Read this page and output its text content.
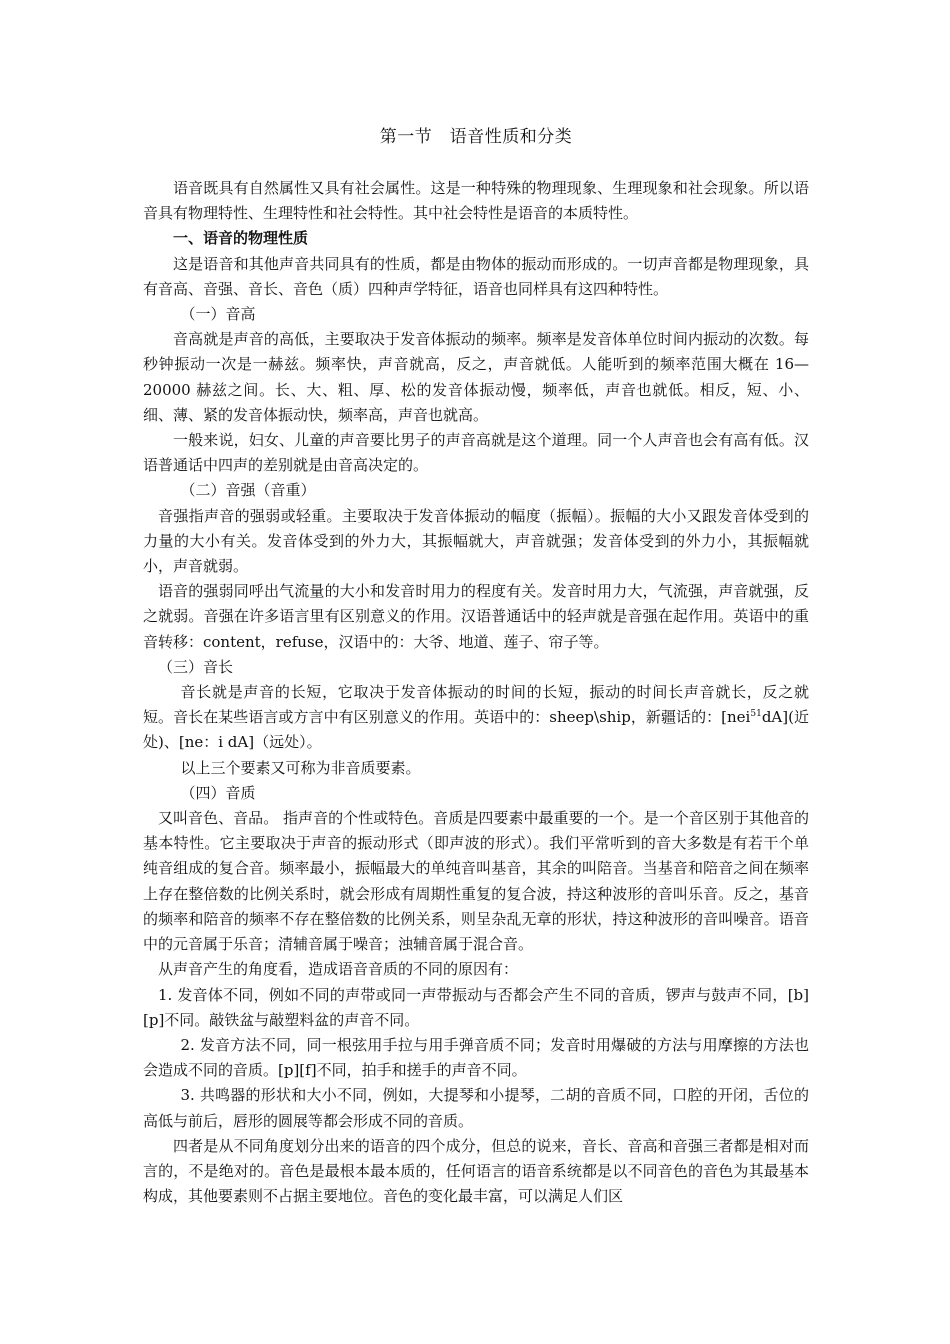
第一节　语音性质和分类

语音既具有自然属性又具有社会属性。这是一种特殊的物理现象、生理现象和社会现象。所以语音具有物理特性、生理特性和社会特性。其中社会特性是语音的本质特性。

一、语音的物理性质

这是语音和其他声音共同具有的性质，都是由物体的振动而形成的。一切声音都是物理现象，具有音高、音强、音长、音色（质）四种声学特征，语音也同样具有这四种特性。

（一）音高

音高就是声音的高低，主要取决于发音体振动的频率。频率是发音体单位时间内振动的次数。每秒钟振动一次是一赫兹。频率快，声音就高，反之，声音就低。人能听到的频率范围大概在 16—20000 赫兹之间。长、大、粗、厚、松的发音体振动慢，频率低，声音也就低。相反，短、小、细、薄、紧的发音体振动快，频率高，声音也就高。

一般来说，妇女、儿童的声音要比男子的声音高就是这个道理。同一个人声音也会有高有低。汉语普通话中四声的差别就是由音高决定的。

（二）音强（音重）

音强指声音的强弱或轻重。主要取决于发音体振动的幅度（振幅）。振幅的大小又跟发音体受到的力量的大小有关。发音体受到的外力大，其振幅就大，声音就强；发音体受到的外力小，其振幅就小，声音就弱。

语音的强弱同呼出气流量的大小和发音时用力的程度有关。发音时用力大，气流强，声音就强，反之就弱。音强在许多语言里有区别意义的作用。汉语普通话中的轻声就是音强在起作用。英语中的重音转移：content，refuse，汉语中的：大爷、地道、莲子、帘子等。

（三）音长

音长就是声音的长短，它取决于发音体振动的时间的长短，振动的时间长声音就长，反之就短。音长在某些语言或方言中有区别意义的作用。英语中的：sheep\ship，新疆话的：[nei$^{51}$dA](近处)、[ne：i dA]（远处）。

以上三个要素又可称为非音质要素。

（四）音质

又叫音色、音品。 指声音的个性或特色。音质是四要素中最重要的一个。是一个音区别于其他音的基本特性。它主要取决于声音的振动形式（即声波的形式）。我们平常听到的音大多数是有若干个单纯音组成的复合音。频率最小，振幅最大的单纯音叫基音，其余的叫陪音。当基音和陪音之间在频率上存在整倍数的比例关系时，就会形成有周期性重复的复合波，持这种波形的音叫乐音。反之，基音的频率和陪音的频率不存在整倍数的比例关系，则呈杂乱无章的形状，持这种波形的音叫噪音。语音中的元音属于乐音；清辅音属于噪音；浊辅音属于混合音。

从声音产生的角度看，造成语音音质的不同的原因有：

1. 发音体不同，例如不同的声带或同一声带振动与否都会产生不同的音质，锣声与鼓声不同，[b][p]不同。敲铁盆与敲塑料盆的声音不同。

2. 发音方法不同，同一根弦用手拉与用手弹音质不同；发音时用爆破的方法与用摩擦的方法也会造成不同的音质。[p][f]不同，拍手和搓手的声音不同。

3. 共鸣器的形状和大小不同，例如，大提琴和小提琴，二胡的音质不同，口腔的开闭，舌位的高低与前后，唇形的圆展等都会形成不同的音质。

四者是从不同角度划分出来的语音的四个成分，但总的说来，音长、音高和音强三者都是相对而言的，不是绝对的。音色是最根本最本质的，任何语言的语音系统都是以不同音色的音色为其最基本构成，其他要素则不占据主要地位。音色的变化最丰富，可以满足人们区
